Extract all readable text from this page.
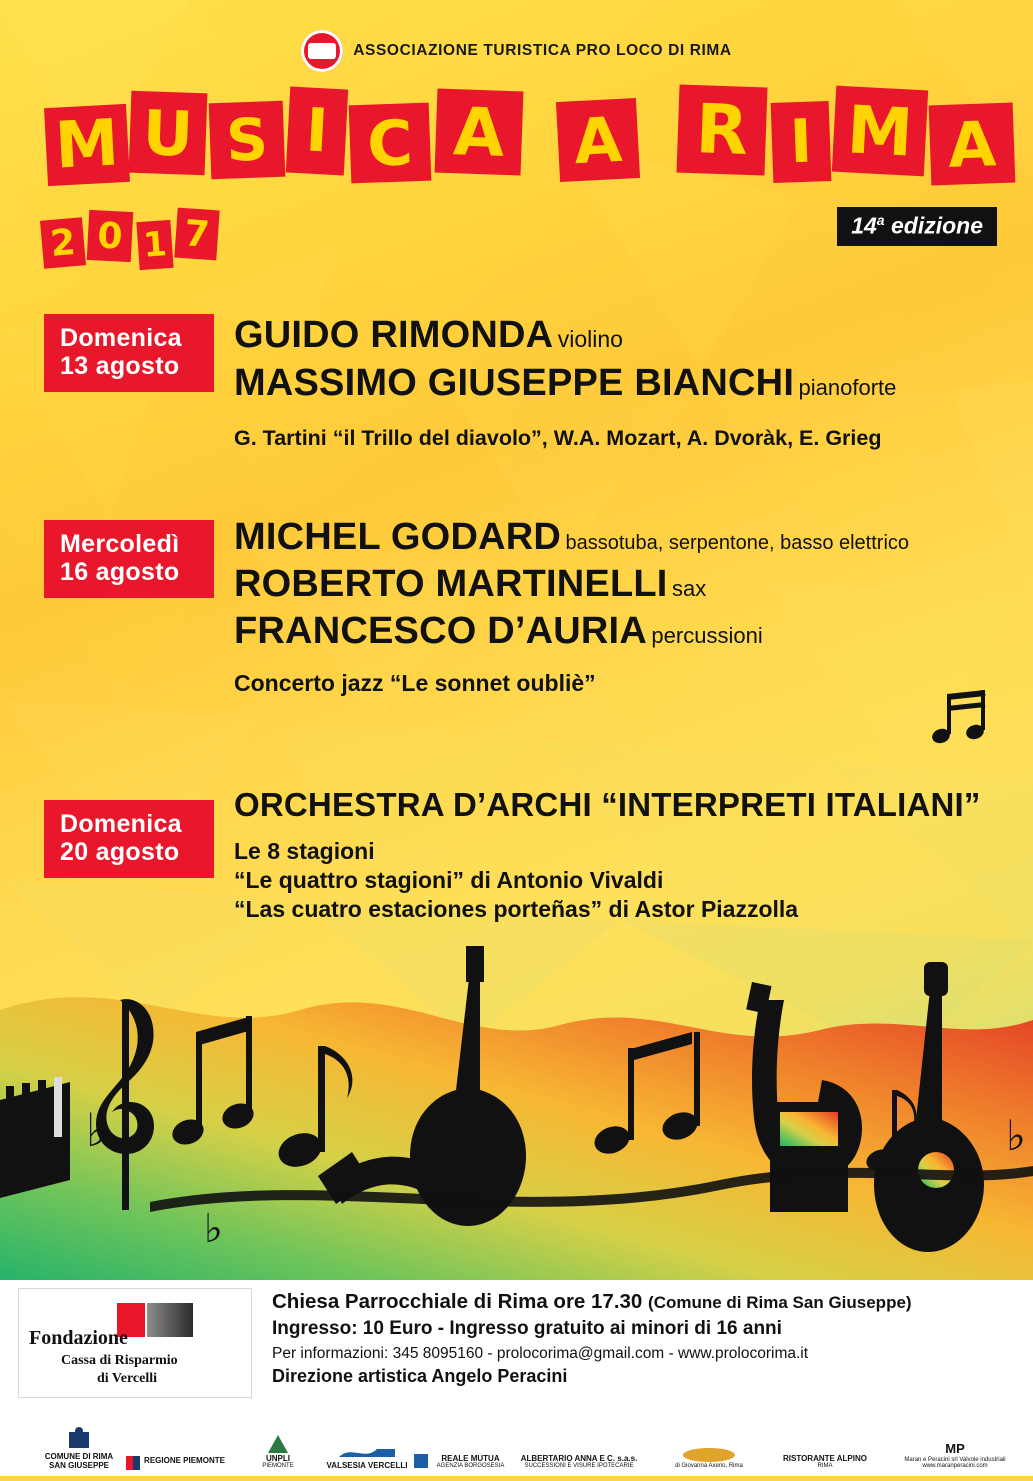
ASSOCIAZIONE TURISTICA PRO LOCO DI RIMA
M U S I C A A R I M A
2 0 1 7	14$^a$ edizione
Domenica
13 agosto
GUIDO RIMONDA violino
MASSIMO GIUSEPPE BIANCHI pianoforte
G. Tartini “il Trillo del diavolo”, W.A. Mozart, A. Dvoràk, E. Grieg
Mercoledì
16 agosto
MICHEL GODARD bassotuba, serpentone, basso elettrico
ROBERTO MARTINELLI sax
FRANCESCO D’AURIA percussioni
Concerto jazz “Le sonnet oubliè”
Domenica
20 agosto
ORCHESTRA D’ARCHI “INTERPRETI ITALIANI”
Le 8 stagioni
“Le quattro stagioni” di Antonio Vivaldi
“Las cuatro estaciones porteñas” di Astor Piazzolla
♭	♭
♭
Fondazione
Cassa di Risparmio
di Vercelli
Chiesa Parrocchiale di Rima ore 17.30 (Comune di Rima San Giuseppe)
Ingresso: 10 Euro - Ingresso gratuito ai minori di 16 anni
Per informazioni: 345 8095160 - prolocorima@gmail.com - www.prolocorima.it
Direzione artistica Angelo Peracini
COMUNE DI RIMA SAN GIUSEPPE
REGIONE PIEMONTE	UNPLI
PIEMONTE	VALSESIA VERCELLI
REALE MUTUA
AGENZIA BORGOSESIA
ALBERTARIO ANNA E C. s.a.s.
SUCCESSIONI E VISURE IPOTECARIE	di Giovanna Axerio, Rima
RISTORANTE ALPINO
RIMA
MP
Maran e Peracini srl Valvole industriali www.maranperacini.com
